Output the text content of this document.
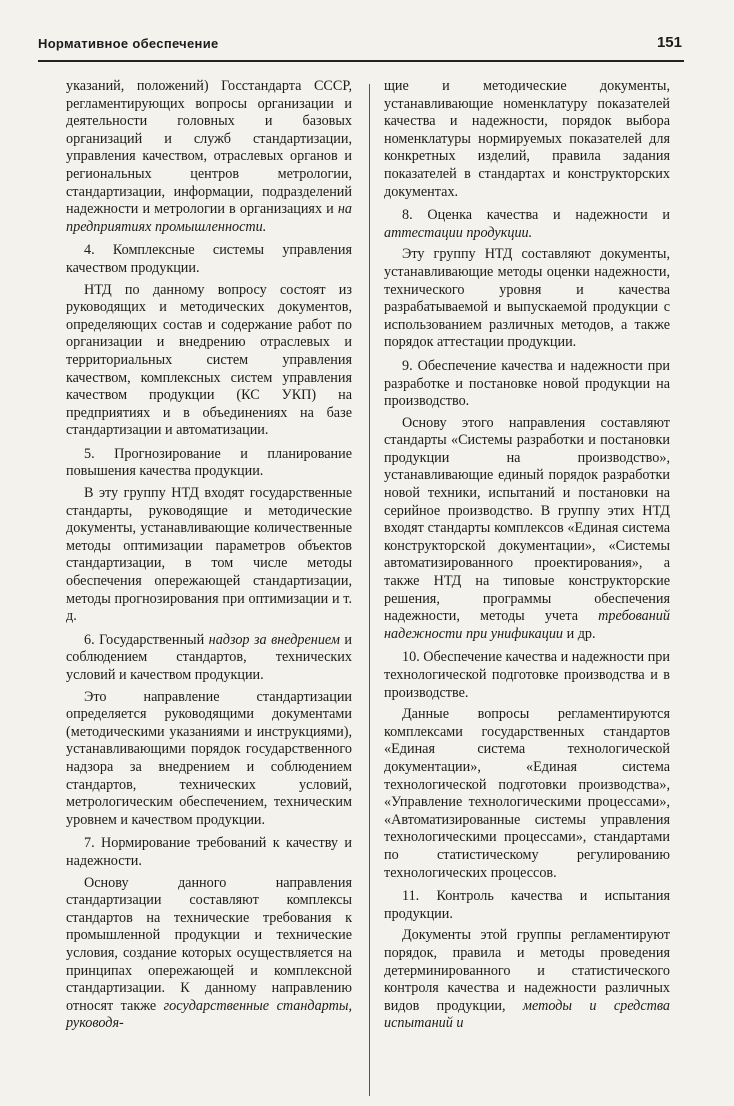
Нормативное обеспечение	151

указаний, положений) Госстандарта СССР, регламентирующих вопросы организации и деятельности головных и базовых организаций и служб стандартизации, управления качеством, отраслевых органов и региональных центров метрологии, стандартизации, информации, подразделений надежности и метрологии в организациях и на предприятиях промышленности.

4. Комплексные системы управления качеством продукции.

НТД по данному вопросу состоят из руководящих и методических документов, определяющих состав и содержание работ по организации и внедрению отраслевых и территориальных систем управления качеством, комплексных систем управления качеством продукции (КС УКП) на предприятиях и в объединениях на базе стандартизации и автоматизации.

5. Прогнозирование и планирование повышения качества продукции.

В эту группу НТД входят государственные стандарты, руководящие и методические документы, устанавливающие количественные методы оптимизации параметров объектов стандартизации, в том числе методы обеспечения опережающей стандартизации, методы прогнозирования при оптимизации и т. д.

6. Государственный надзор за внедрением и соблюдением стандартов, технических условий и качеством продукции.

Это направление стандартизации определяется руководящими документами (методическими указаниями и инструкциями), устанавливающими порядок государственного надзора за внедрением и соблюдением стандартов, технических условий, метрологическим обеспечением, техническим уровнем и качеством продукции.

7. Нормирование требований к качеству и надежности.

Основу данного направления стандартизации составляют комплексы стандартов на технические требования к промышленной продукции и технические условия, создание которых осуществляется на принципах опережающей и комплексной стандартизации. К данному направлению относят также государственные стандарты, руководя-

щие и методические документы, устанавливающие номенклатуру показателей качества и надежности, порядок выбора номенклатуры нормируемых показателей для конкретных изделий, правила задания показателей в стандартах и конструкторских документах.

8. Оценка качества и надежности и аттестации продукции.

Эту группу НТД составляют документы, устанавливающие методы оценки надежности, технического уровня и качества разрабатываемой и выпускаемой продукции с использованием различных методов, а также порядок аттестации продукции.

9. Обеспечение качества и надежности при разработке и постановке новой продукции на производство.

Основу этого направления составляют стандарты «Системы разработки и постановки продукции на производство», устанавливающие единый порядок разработки новой техники, испытаний и постановки на серийное производство. В группу этих НТД входят стандарты комплексов «Единая система конструкторской документации», «Системы автоматизированного проектирования», а также НТД на типовые конструкторские решения, программы обеспечения надежности, методы учета требований надежности при унификации и др.

10. Обеспечение качества и надежности при технологической подготовке производства и в производстве.

Данные вопросы регламентируются комплексами государственных стандартов «Единая система технологической документации», «Единая система технологической подготовки производства», «Управление технологическими процессами», «Автоматизированные системы управления технологическими процессами», стандартами по статистическому регулированию технологических процессов.

11. Контроль качества и испытания продукции.

Документы этой группы регламентируют порядок, правила и методы проведения детерминированного и статистического контроля качества и надежности различных видов продукции, методы и средства испытаний и
